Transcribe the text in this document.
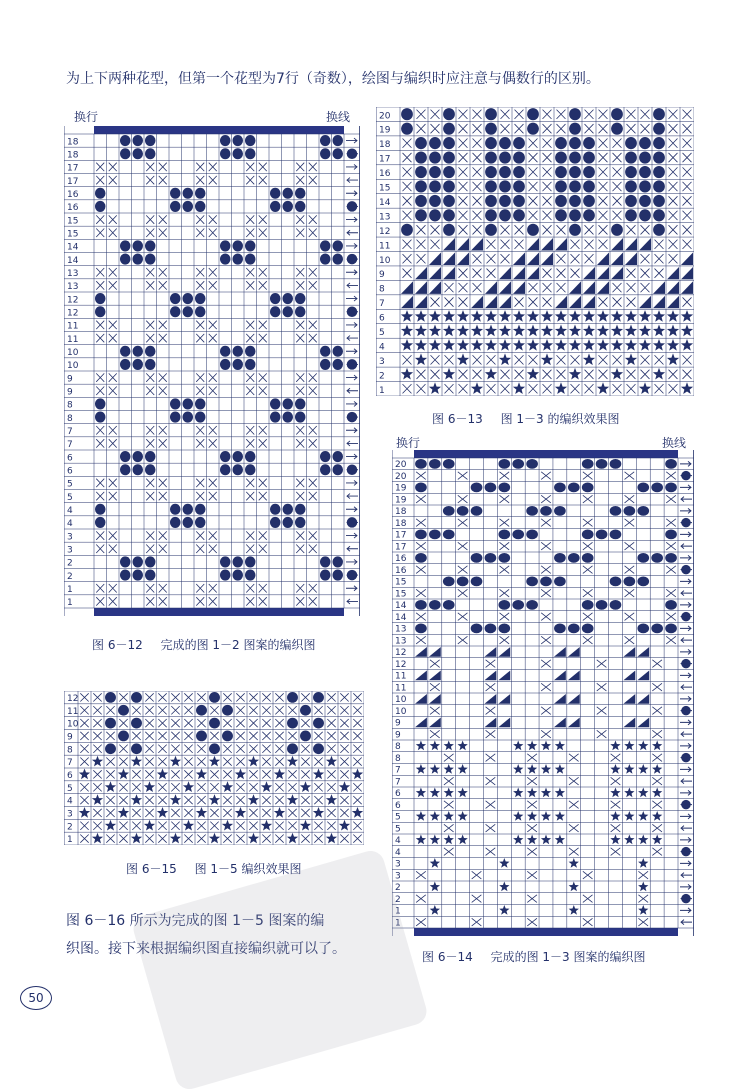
为上下两种花型，但第一个花型为7行（奇数），绘图与编织时应注意与偶数行的区别。
换行	换线
18
18
17
17
16
16
15
15
14
14
13
13
12
12
11
11
10
10
9
9
8
8
7
7
6
6
5
5
4
4
3
3
2
2
1
1
图 6－12 完成的图 1－2 图案的编织图
20
19
18
17
16
15
14
13
12
11
10
9
8
7
6
5
4
3
2
1
图 6－13 图 1－3 的编织效果图
换行	换线
20
20
19
19
18
18
17
17
16
16
15
15
14
14
13
13
12
12
11
11
10
10
9
9
8
8
7
7
6
6
5
5
4
4
3
3
2
2
1
1
图 6－14 完成的图 1－3 图案的编织图
12
11
10
9
8
7
6
5
4
3
2
1
图 6－15 图 1－5 编织效果图
图 6－16 所示为完成的图 1－5 图案的编
织图。接下来根据编织图直接编织就可以了。
50
